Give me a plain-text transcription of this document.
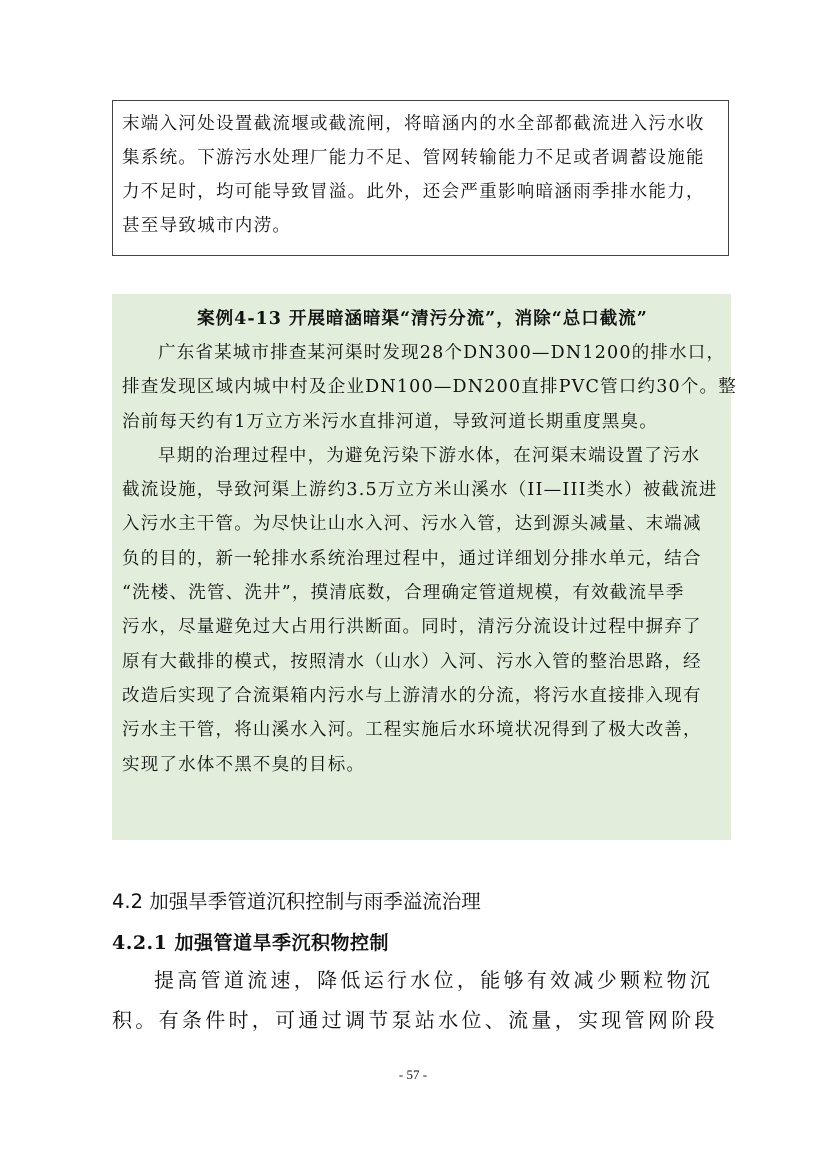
末端入河处设置截流堰或截流闸，将暗涵内的水全部都截流进入污水收

集系统。下游污水处理厂能力不足、管网转输能力不足或者调蓄设施能

力不足时，均可能导致冒溢。此外，还会严重影响暗涵雨季排水能力，

甚至导致城市内涝。

案例4-13 开展暗涵暗渠“清污分流”，消除“总口截流”

广东省某城市排查某河渠时发现28个DN300—DN1200的排水口，

排查发现区域内城中村及企业DN100—DN200直排PVC管口约30个。整

治前每天约有1万立方米污水直排河道，导致河道长期重度黑臭。

早期的治理过程中，为避免污染下游水体，在河渠末端设置了污水

截流设施，导致河渠上游约3.5万立方米山溪水（II—III类水）被截流进

入污水主干管。为尽快让山水入河、污水入管，达到源头减量、末端减

负的目的，新一轮排水系统治理过程中，通过详细划分排水单元，结合

“洗楼、洗管、洗井”，摸清底数，合理确定管道规模，有效截流旱季

污水，尽量避免过大占用行洪断面。同时，清污分流设计过程中摒弃了

原有大截排的模式，按照清水（山水）入河、污水入管的整治思路，经

改造后实现了合流渠箱内污水与上游清水的分流，将污水直接排入现有

污水主干管，将山溪水入河。工程实施后水环境状况得到了极大改善，

实现了水体不黑不臭的目标。

4.2 加强旱季管道沉积控制与雨季溢流治理
4.2.1 加强管道旱季沉积物控制

提高管道流速，降低运行水位，能够有效减少颗粒物沉

积。有条件时，可通过调节泵站水位、流量，实现管网阶段

- 57 -
